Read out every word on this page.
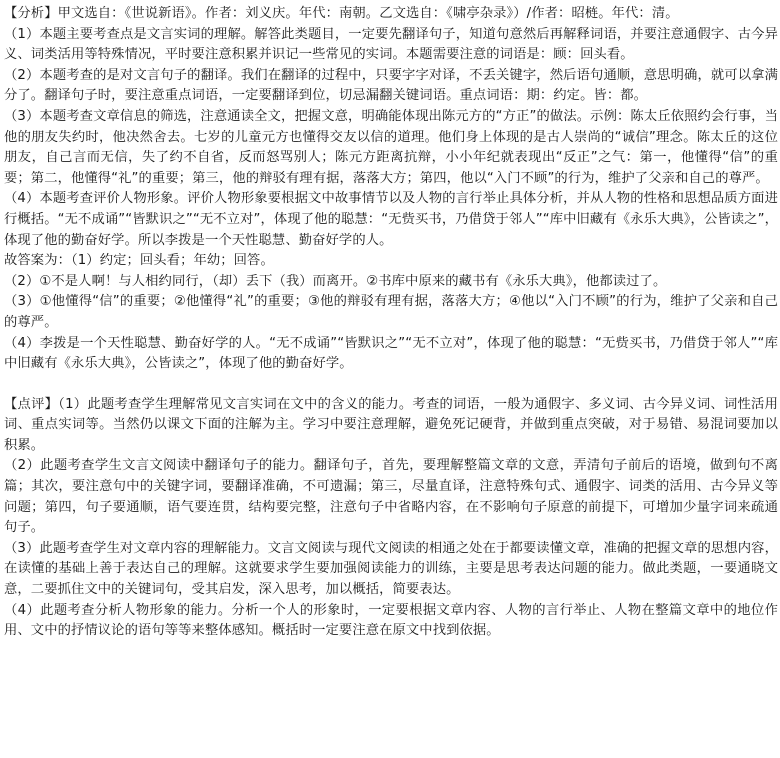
【分析】甲文选自：《世说新语》。作者：刘义庆。年代：南朝。乙文选自：《啸亭杂录》）/作者：昭梿。年代：清。

（1）本题主要考查点是文言实词的理解。解答此类题目，一定要先翻译句子，知道句意然后再解释词语，并要注意通假字、古今异义、词类活用等特殊情况，平时要注意积累并识记一些常见的实词。本题需要注意的词语是：顾：回头看。

（2）本题考查的是对文言句子的翻译。我们在翻译的过程中，只要字字对译，不丢关键字，然后语句通顺，意思明确，就可以拿满分了。翻译句子时，要注意重点词语，一定要翻译到位，切忌漏翻关键词语。重点词语：期：约定。皆：都。

（3）本题考查文章信息的筛选，注意通读全文，把握文意，明确能体现出陈元方的“方正”的做法。示例：陈太丘依照约会行事，当他的朋友失约时，他决然舍去。七岁的儿童元方也懂得交友以信的道理。他们身上体现的是古人崇尚的“诚信”理念。陈太丘的这位朋友，自己言而无信，失了约不自省，反而怒骂别人；陈元方距离抗辩，小小年纪就表现出“反正”之气：第一，他懂得“信”的重要；第二，他懂得“礼”的重要；第三，他的辩驳有理有据，落落大方；第四，他以“入门不顾”的行为，维护了父亲和自己的尊严。

（4）本题考查评价人物形象。评价人物形象要根据文中故事情节以及人物的言行举止具体分析，并从人物的性格和思想品质方面进行概括。“无不成诵”“皆默识之”“无不立对”，体现了他的聪慧：“无赀买书，乃借贷于邻人”“库中旧藏有《永乐大典》，公皆读之”，体现了他的勤奋好学。所以李拨是一个天性聪慧、勤奋好学的人。

故答案为：（1）约定；回头看；年幼；回答。

（2）①不是人啊！与人相约同行，（却）丢下（我）而离开。②书库中原来的藏书有《永乐大典》，他都读过了。

（3）①他懂得“信”的重要；②他懂得“礼”的重要；③他的辩驳有理有据，落落大方；④他以“入门不顾”的行为，维护了父亲和自己的尊严。

（4）李拨是一个天性聪慧、勤奋好学的人。“无不成诵”“皆默识之”“无不立对”，体现了他的聪慧：“无赀买书，乃借贷于邻人”“库中旧藏有《永乐大典》，公皆读之”，体现了他的勤奋好学。

【点评】（1）此题考查学生理解常见文言实词在文中的含义的能力。考查的词语，一般为通假字、多义词、古今异义词、词性活用词、重点实词等。当然仍以课文下面的注解为主。学习中要注意理解，避免死记硬背，并做到重点突破，对于易错、易混词要加以积累。

（2）此题考查学生文言文阅读中翻译句子的能力。翻译句子，首先，要理解整篇文章的文意，弄清句子前后的语境，做到句不离篇；其次，要注意句中的关键字词，要翻译准确，不可遗漏；第三，尽量直译，注意特殊句式、通假字、词类的活用、古今异义等问题；第四，句子要通顺，语气要连贯，结构要完整，注意句子中省略内容，在不影响句子原意的前提下，可增加少量字词来疏通句子。

（3）此题考查学生对文章内容的理解能力。文言文阅读与现代文阅读的相通之处在于都要读懂文章，准确的把握文章的思想内容，在读懂的基础上善于表达自己的理解。这就要求学生要加强阅读能力的训练，主要是思考表达问题的能力。做此类题，一要通晓文意，二要抓住文中的关键词句，受其启发，深入思考，加以概括，简要表达。

（4）此题考查分析人物形象的能力。分析一个人的形象时，一定要根据文章内容、人物的言行举止、人物在整篇文章中的地位作用、文中的抒情议论的语句等等来整体感知。概括时一定要注意在原文中找到依据。
